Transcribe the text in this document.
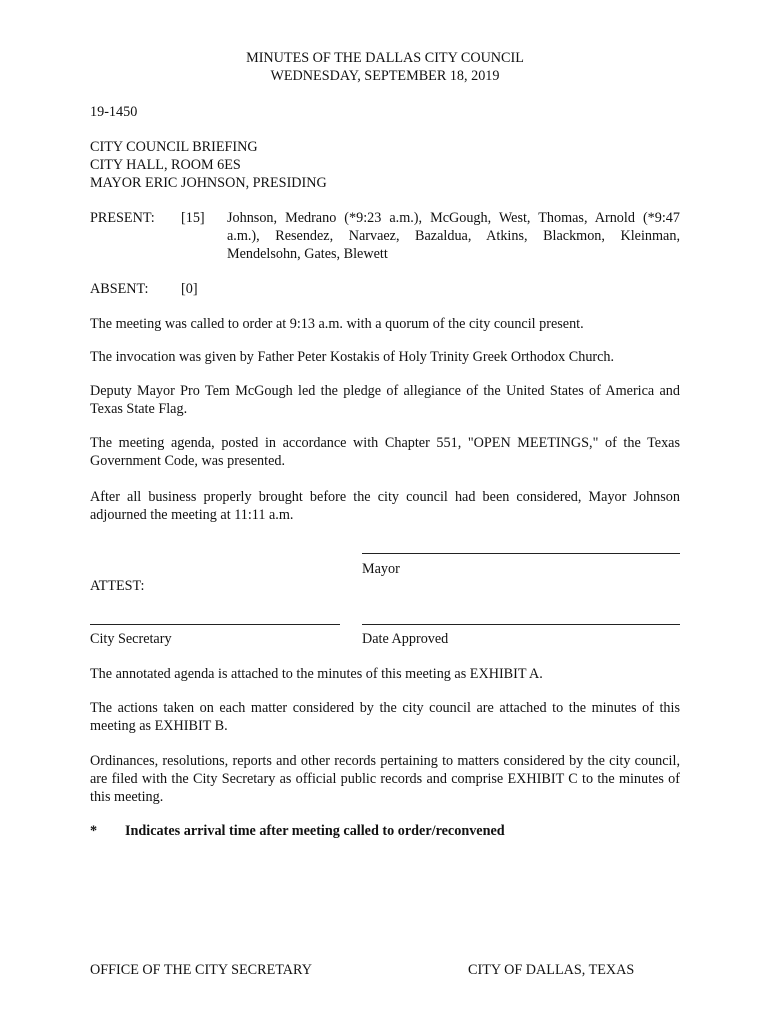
MINUTES OF THE DALLAS CITY COUNCIL
WEDNESDAY, SEPTEMBER 18, 2019
19-1450
CITY COUNCIL BRIEFING
CITY HALL, ROOM 6ES
MAYOR ERIC JOHNSON, PRESIDING
PRESENT: [15] Johnson, Medrano (*9:23 a.m.), McGough, West, Thomas, Arnold (*9:47 a.m.), Resendez, Narvaez, Bazaldua, Atkins, Blackmon, Kleinman, Mendelsohn, Gates, Blewett
ABSENT: [0]
The meeting was called to order at 9:13 a.m. with a quorum of the city council present.
The invocation was given by Father Peter Kostakis of Holy Trinity Greek Orthodox Church.
Deputy Mayor Pro Tem McGough led the pledge of allegiance of the United States of America and Texas State Flag.
The meeting agenda, posted in accordance with Chapter 551, "OPEN MEETINGS," of the Texas Government Code, was presented.
After all business properly brought before the city council had been considered, Mayor Johnson adjourned the meeting at 11:11 a.m.
Mayor
ATTEST:
City Secretary	Date Approved
The annotated agenda is attached to the minutes of this meeting as EXHIBIT A.
The actions taken on each matter considered by the city council are attached to the minutes of this meeting as EXHIBIT B.
Ordinances, resolutions, reports and other records pertaining to matters considered by the city council, are filed with the City Secretary as official public records and comprise EXHIBIT C to the minutes of this meeting.
* Indicates arrival time after meeting called to order/reconvened
OFFICE OF THE CITY SECRETARY	CITY OF DALLAS, TEXAS
